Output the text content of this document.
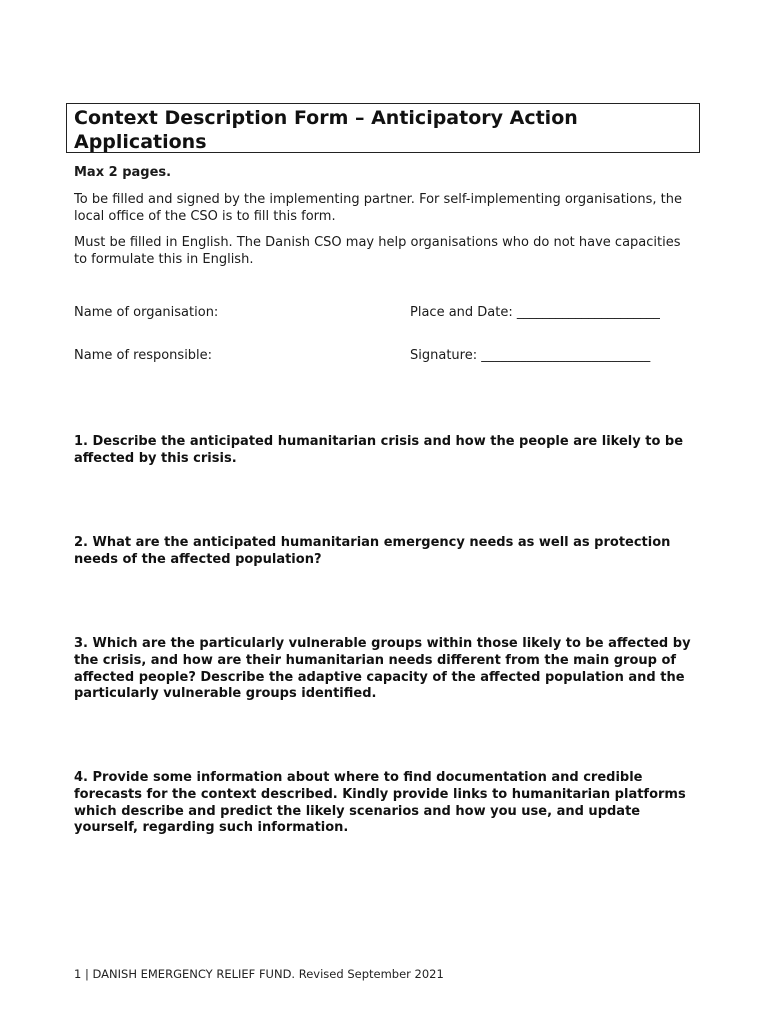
Context Description Form – Anticipatory Action Applications

Max 2 pages.

To be filled and signed by the implementing partner. For self-implementing organisations, the local office of the CSO is to fill this form.

Must be filled in English. The Danish CSO may help organisations who do not have capacities to formulate this in English.

Name of organisation:	Place and Date: ______________________
Name of responsible:	Signature: __________________________

1. Describe the anticipated humanitarian crisis and how the people are likely to be affected by this crisis.

2. What are the anticipated humanitarian emergency needs as well as protection needs of the affected population?

3. Which are the particularly vulnerable groups within those likely to be affected by the crisis, and how are their humanitarian needs different from the main group of affected people? Describe the adaptive capacity of the affected population and the particularly vulnerable groups identified.

4. Provide some information about where to find documentation and credible forecasts for the context described. Kindly provide links to humanitarian platforms which describe and predict the likely scenarios and how you use, and update yourself, regarding such information.

1 | DANISH EMERGENCY RELIEF FUND. Revised September 2021
